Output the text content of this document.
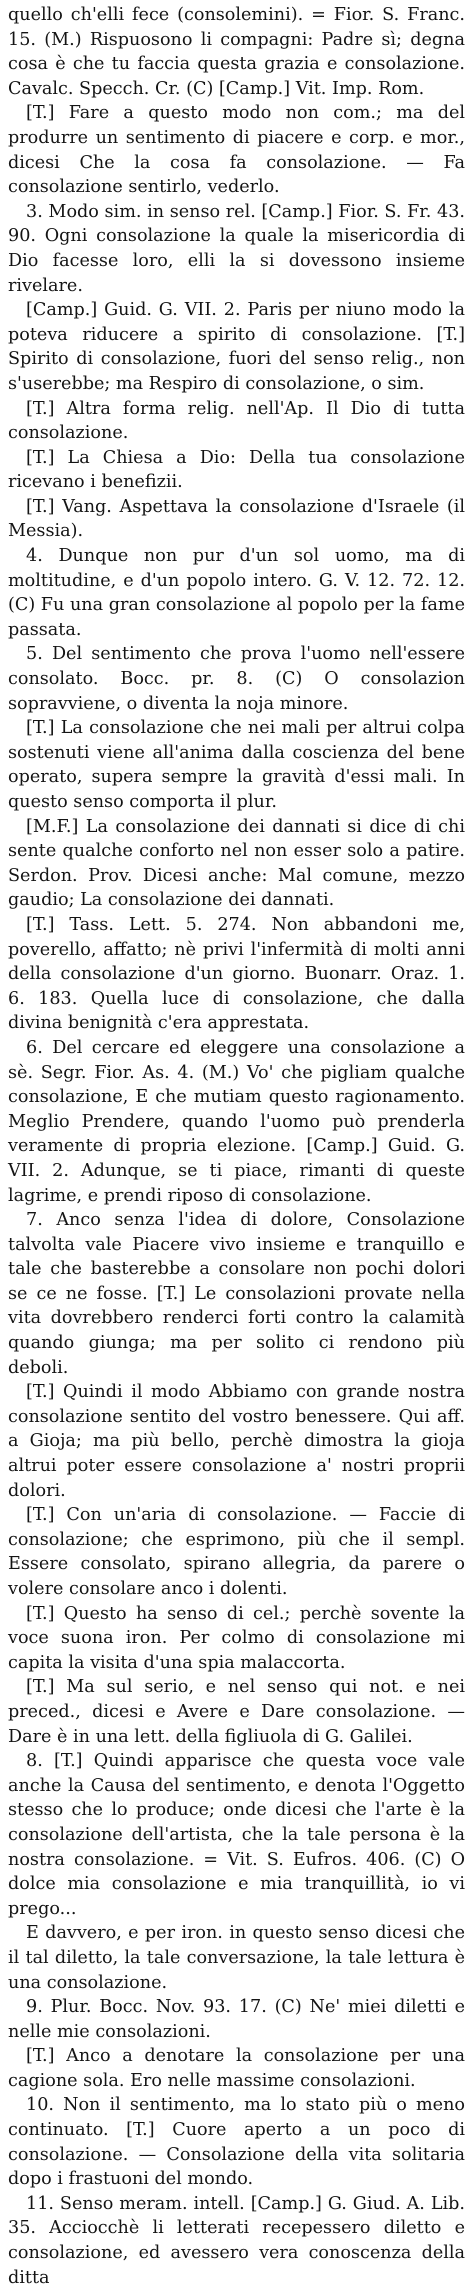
quello ch'elli fece (consolemini). = Fior. S. Franc. 15. (M.) Rispuosono li compagni: Padre sì; degna cosa è che tu faccia questa grazia e consolazione. Cavalc. Specch. Cr. (C) [Camp.] Vit. Imp. Rom.

[T.] Fare a questo modo non com.; ma del produrre un sentimento di piacere e corp. e mor., dicesi Che la cosa fa consolazione. — Fa consolazione sentirlo, vederlo.

3. Modo sim. in senso rel. [Camp.] Fior. S. Fr. 43. 90. Ogni consolazione la quale la misericordia di Dio facesse loro, elli la si dovessono insieme rivelare.

[Camp.] Guid. G. VII. 2. Paris per niuno modo la poteva riducere a spirito di consolazione. [T.] Spirito di consolazione, fuori del senso relig., non s'userebbe; ma Respiro di consolazione, o sim.

[T.] Altra forma relig. nell'Ap. Il Dio di tutta consolazione.

[T.] La Chiesa a Dio: Della tua consolazione ricevano i benefizii.

[T.] Vang. Aspettava la consolazione d'Israele (il Messia).

4. Dunque non pur d'un sol uomo, ma di moltitudine, e d'un popolo intero. G. V. 12. 72. 12. (C) Fu una gran consolazione al popolo per la fame passata.

5. Del sentimento che prova l'uomo nell'essere consolato. Bocc. pr. 8. (C) O consolazion sopravviene, o diventa la noja minore.

[T.] La consolazione che nei mali per altrui colpa sostenuti viene all'anima dalla coscienza del bene operato, supera sempre la gravità d'essi mali. In questo senso comporta il plur.

[M.F.] La consolazione dei dannati si dice di chi sente qualche conforto nel non esser solo a patire. Serdon. Prov. Dicesi anche: Mal comune, mezzo gaudio; La consolazione dei dannati.

[T.] Tass. Lett. 5. 274. Non abbandoni me, poverello, affatto; nè privi l'infermità di molti anni della consolazione d'un giorno. Buonarr. Oraz. 1. 6. 183. Quella luce di consolazione, che dalla divina benignità c'era apprestata.

6. Del cercare ed eleggere una consolazione a sè. Segr. Fior. As. 4. (M.) Vo' che pigliam qualche consolazione, E che mutiam questo ragionamento. Meglio Prendere, quando l'uomo può prenderla veramente di propria elezione. [Camp.] Guid. G. VII. 2. Adunque, se ti piace, rimanti di queste lagrime, e prendi riposo di consolazione.

7. Anco senza l'idea di dolore, Consolazione talvolta vale Piacere vivo insieme e tranquillo e tale che basterebbe a consolare non pochi dolori se ce ne fosse. [T.] Le consolazioni provate nella vita dovrebbero renderci forti contro la calamità quando giunga; ma per solito ci rendono più deboli.

[T.] Quindi il modo Abbiamo con grande nostra consolazione sentito del vostro benessere. Qui aff. a Gioja; ma più bello, perchè dimostra la gioja altrui poter essere consolazione a' nostri proprii dolori.

[T.] Con un'aria di consolazione. — Faccie di consolazione; che esprimono, più che il sempl. Essere consolato, spirano allegria, da parere o volere consolare anco i dolenti.

[T.] Questo ha senso di cel.; perchè sovente la voce suona iron. Per colmo di consolazione mi capita la visita d'una spia malaccorta.

[T.] Ma sul serio, e nel senso qui not. e nei preced., dicesi e Avere e Dare consolazione. — Dare è in una lett. della figliuola di G. Galilei.

8. [T.] Quindi apparisce che questa voce vale anche la Causa del sentimento, e denota l'Oggetto stesso che lo produce; onde dicesi che l'arte è la consolazione dell'artista, che la tale persona è la nostra consolazione. = Vit. S. Eufros. 406. (C) O dolce mia consolazione e mia tranquillità, io vi prego...

E davvero, e per iron. in questo senso dicesi che il tal diletto, la tale conversazione, la tale lettura è una consolazione.

9. Plur. Bocc. Nov. 93. 17. (C) Ne' miei diletti e nelle mie consolazioni.

[T.] Anco a denotare la consolazione per una cagione sola. Ero nelle massime consolazioni.

10. Non il sentimento, ma lo stato più o meno continuato. [T.] Cuore aperto a un poco di consolazione. — Consolazione della vita solitaria dopo i frastuoni del mondo.

11. Senso meram. intell. [Camp.] G. Giud. A. Lib. 35. Acciocchè li letterati recepessero diletto e consolazione, ed avessero vera conoscenza della ditta
